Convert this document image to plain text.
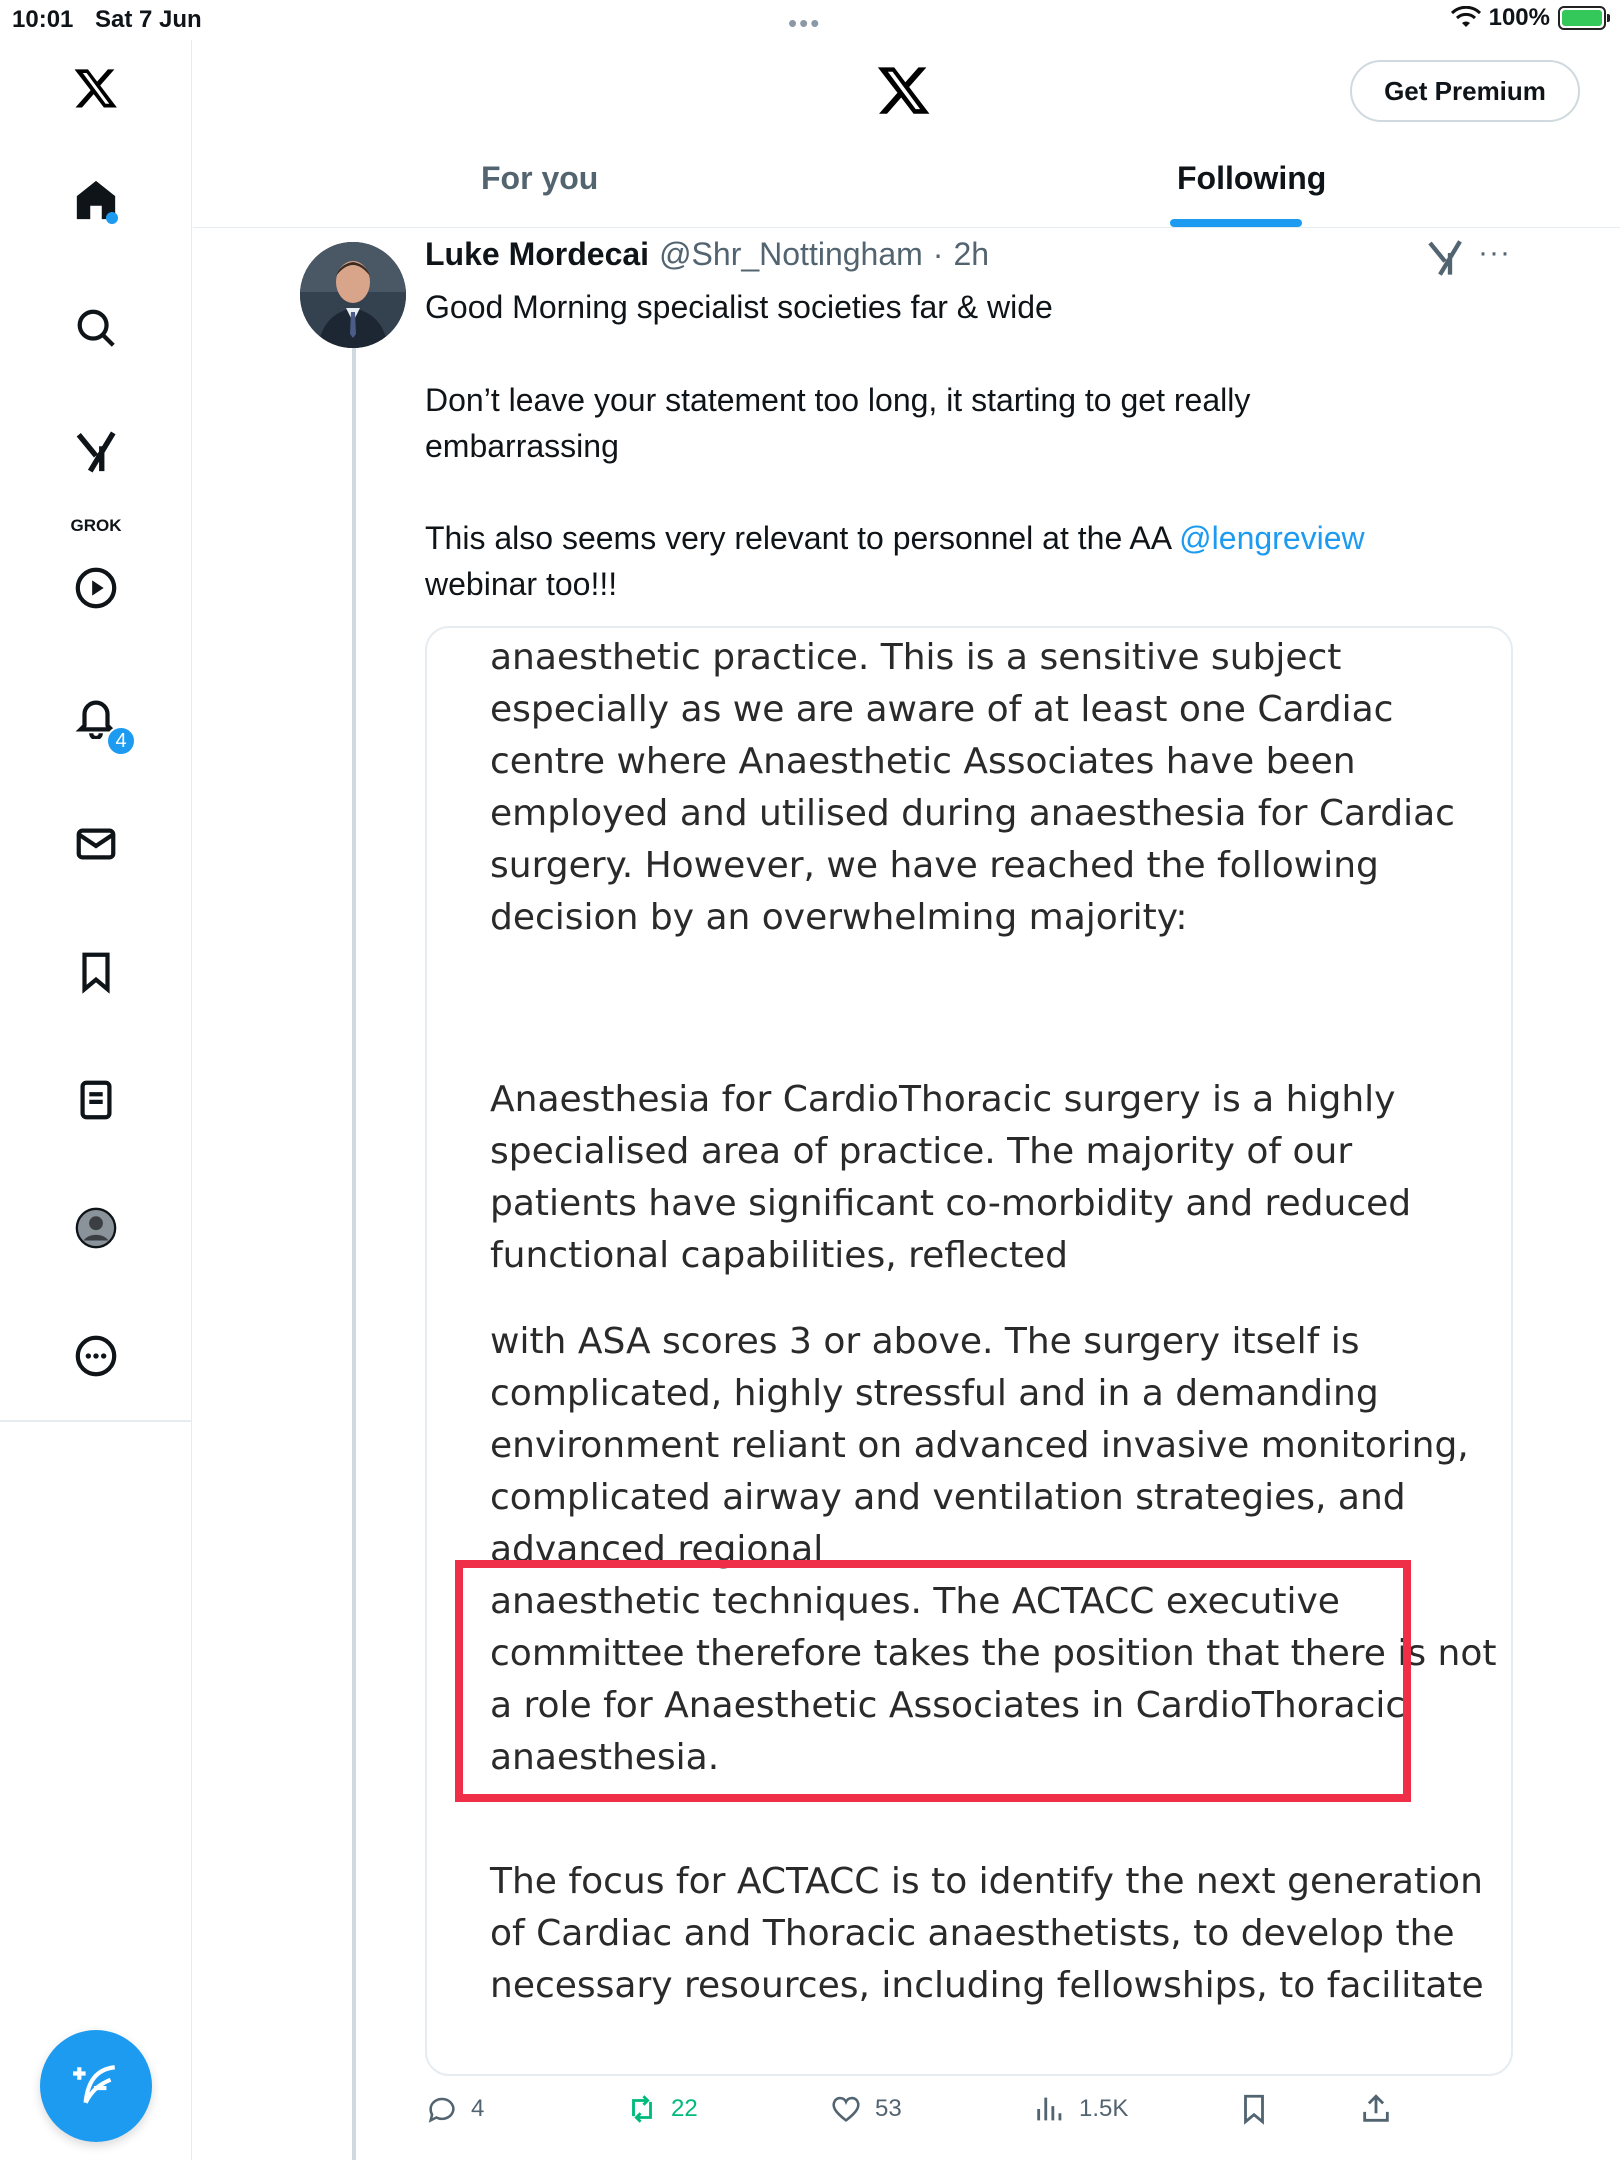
10:01 Sat 7 Jun	•••	100%
GROK
4
Get Premium
For you	Following
Luke Mordecai @Shr_Nottingham · 2h	···

Good Morning specialist societies far & wide

Don’t leave your statement too long, it starting to get really embarrassing

This also seems very relevant to personnel at the AA @lengreview
webinar too!!!

anaesthetic practice. This is a sensitive subject especially as we are aware of at least one Cardiac centre where Anaesthetic Associates have been employed and utilised during anaesthesia for Cardiac surgery. However, we have reached the following decision by an overwhelming majority:

Anaesthesia for CardioThoracic surgery is a highly specialised area of practice. The majority of our patients have significant co-morbidity and reduced functional capabilities, reflected

with ASA scores 3 or above. The surgery itself is complicated, highly stressful and in a demanding environment reliant on advanced invasive monitoring, complicated airway and ventilation strategies, and advanced regional

anaesthetic techniques. The ACTACC executive committee therefore takes the position that there is not a role for Anaesthetic Associates in CardioThoracic anaesthesia.

The focus for ACTACC is to identify the next generation of Cardiac and Thoracic anaesthetists, to develop the necessary resources, including fellowships, to facilitate

4	22	53	1.5K
